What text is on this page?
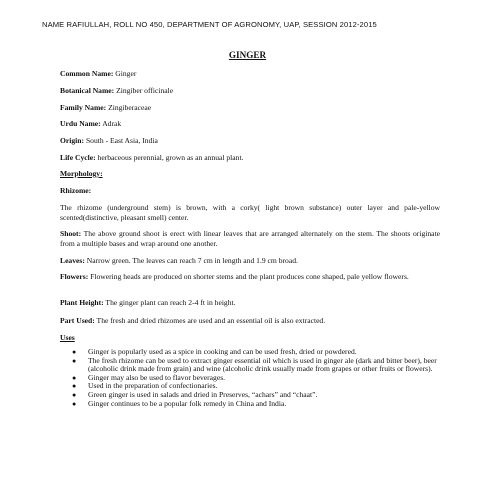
NAME RAFIULLAH, ROLL NO 450, DEPARTMENT OF AGRONOMY, UAP, SESSION 2012-2015
GINGER
Common Name: Ginger
Botanical Name: Zingiber officinale
Family Name: Zingiberaceae
Urdu Name: Adrak
Origin: South - East Asia, India
Life Cycle: herbaceous perennial, grown as an annual plant.
Morphology:
Rhizome:
The rhizome (underground stem) is brown, with a corky( light brown substance) outer layer and pale-yellow scented(distinctive, pleasant smell) center.
Shoot: The above ground shoot is erect with linear leaves that are arranged alternately on the stem. The shoots originate from a multiple bases and wrap around one another.
Leaves: Narrow green. The leaves can reach 7 cm in length and 1.9 cm broad.
Flowers: Flowering heads are produced on shorter stems and the plant produces cone shaped, pale yellow flowers.
Plant Height: The ginger plant can reach 2-4 ft in height.
Part Used: The fresh and dried rhizomes are used and an essential oil is also extracted.
Uses
● Ginger is popularly used as a spice in cooking and can be used fresh, dried or powdered.
● The fresh rhizome can be used to extract ginger essential oil which is used in ginger ale (dark and bitter beer), beer (alcoholic drink made from grain) and wine (alcoholic drink usually made from grapes or other fruits or flowers).
● Ginger may also be used to flavor beverages.
● Used in the preparation of confectionaries.
● Green ginger is used in salads and dried in Preserves, “achars” and “chaat”.
● Ginger continues to be a popular folk remedy in China and India.
